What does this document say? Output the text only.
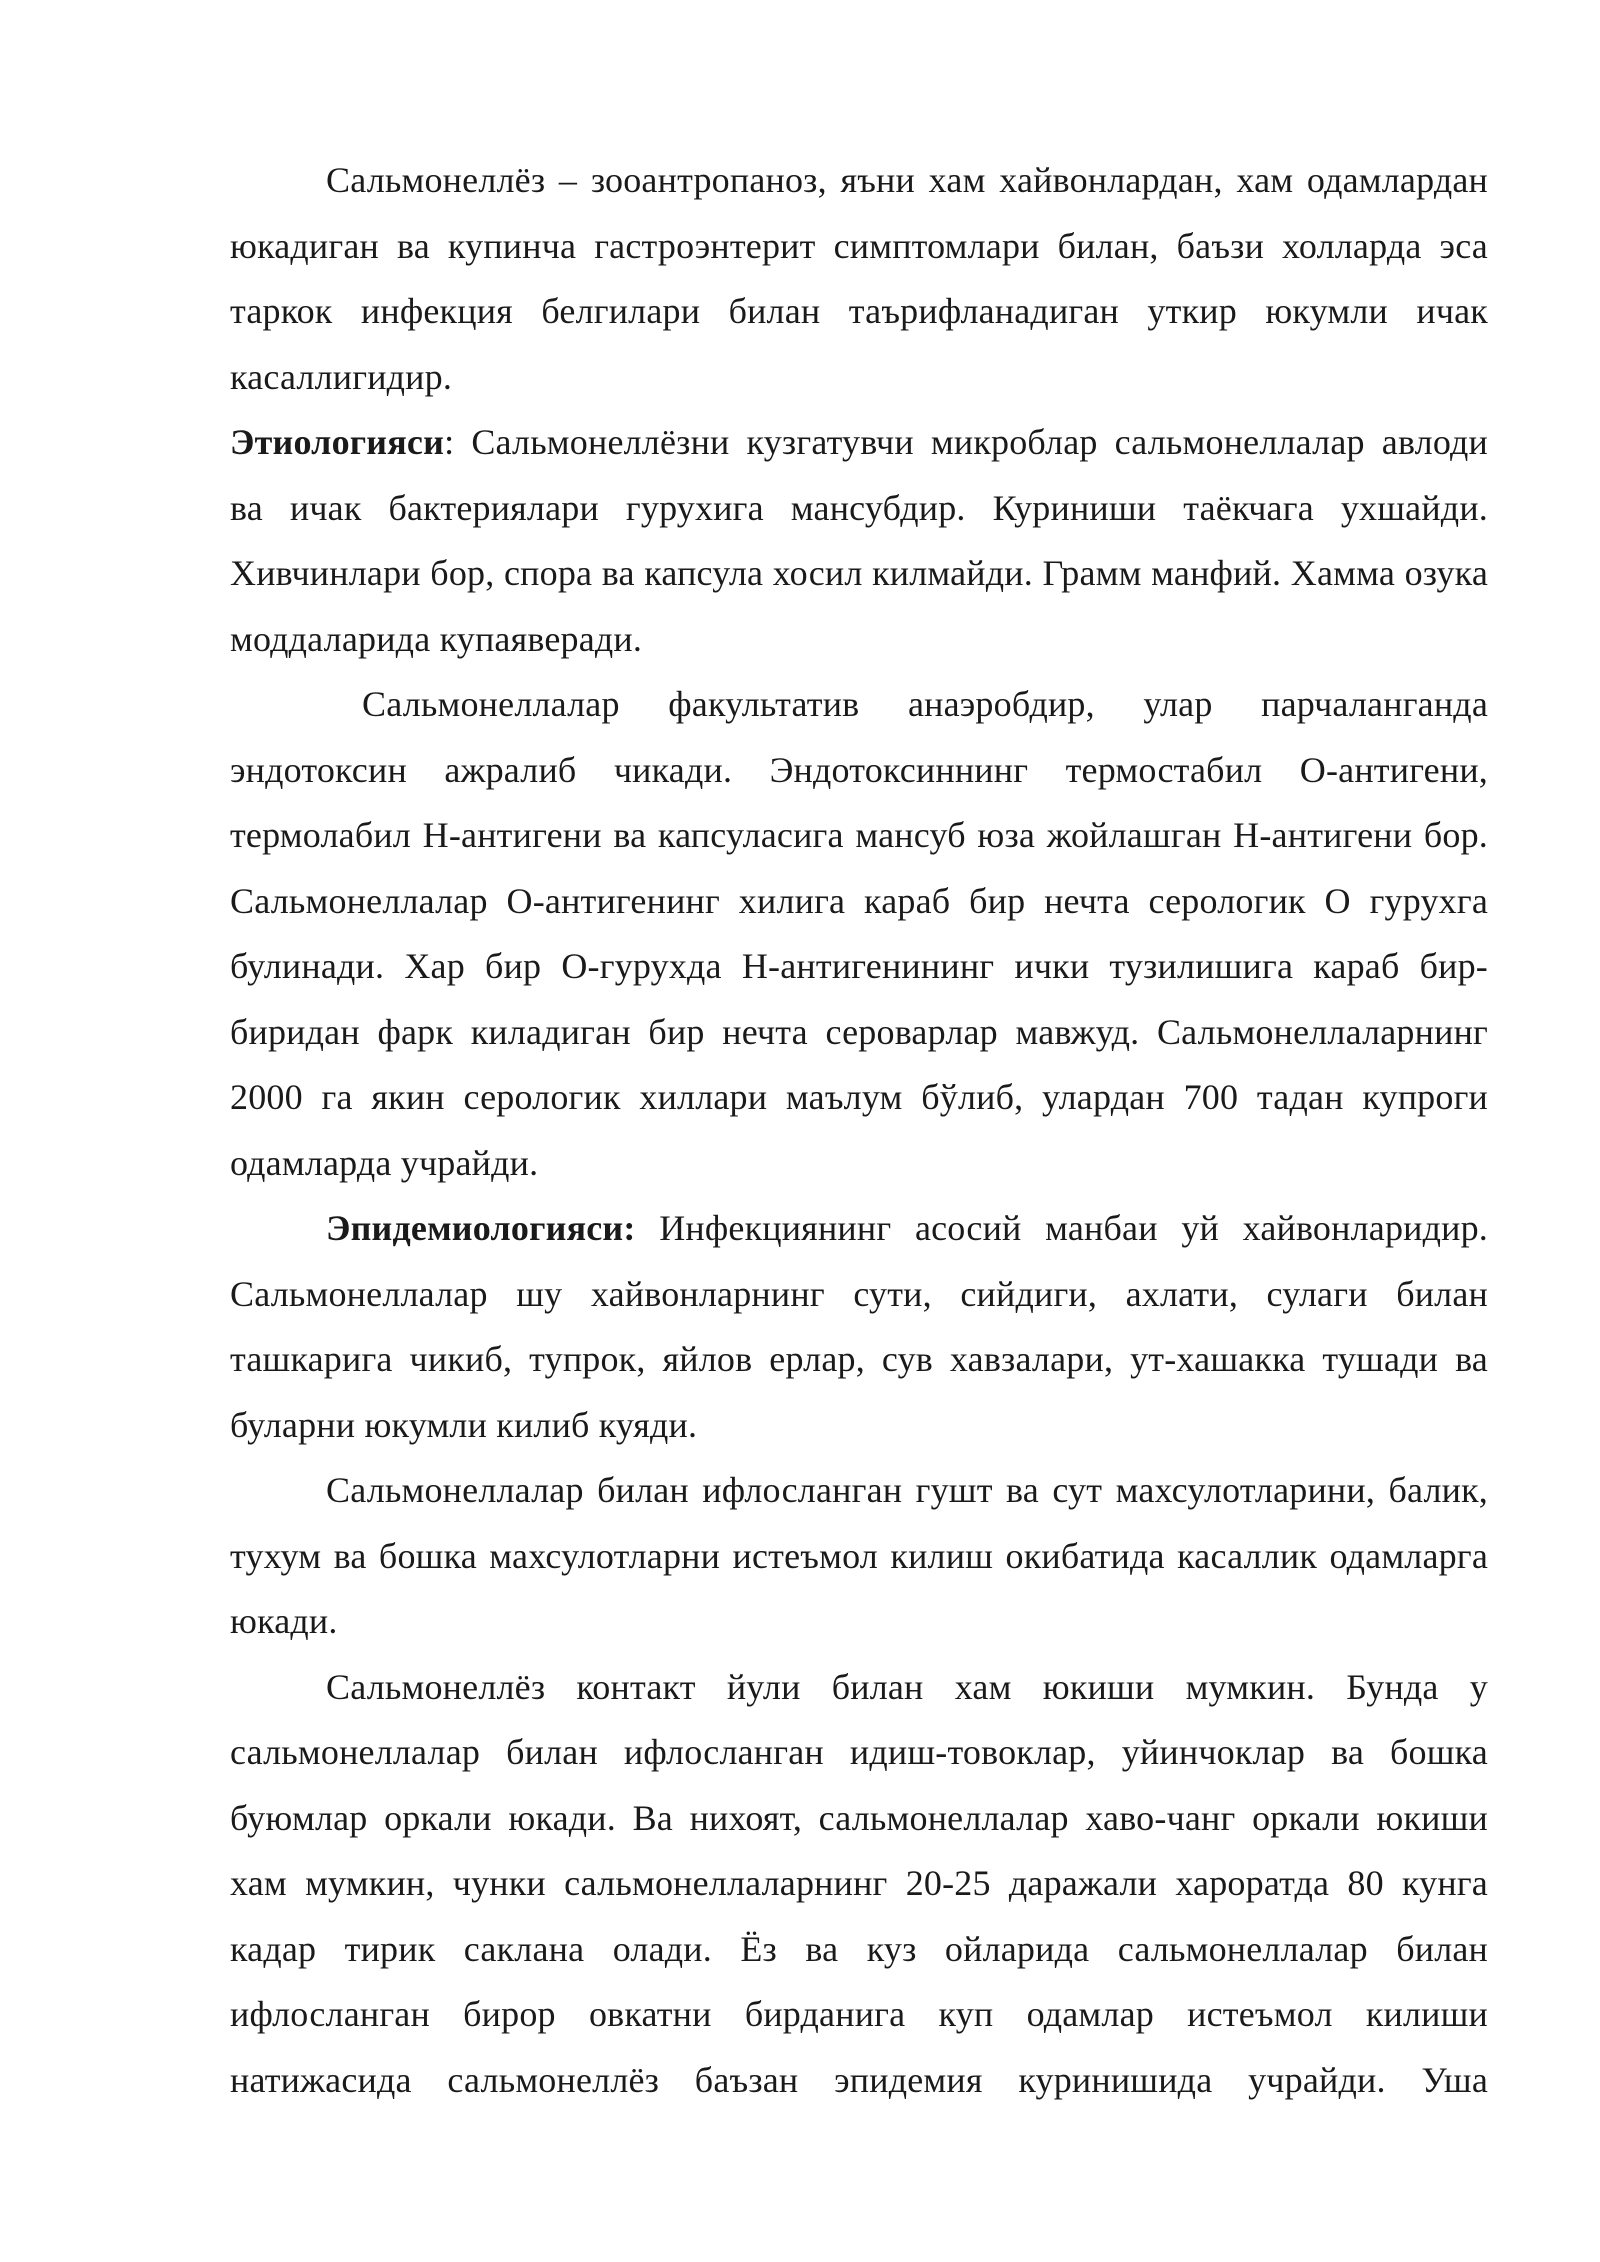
Сальмонеллёз – зооантропаноз, яъни хам хайвонлардан, хам одамлардан юкадиган ва купинча гастроэнтерит симптомлари билан, баъзи холларда эса таркок инфекция белгилари билан таърифланадиган уткир юкумли ичак касаллигидир.

Этиологияси: Сальмонеллёзни кузгатувчи микроблар сальмонеллалар авлоди ва ичак бактериялари гурухига мансубдир. Куриниши таёкчага ухшайди. Хивчинлари бор, спора ва капсула хосил килмайди. Грамм манфий. Хамма озука моддаларида купаяверади.

Сальмонеллалар факультатив анаэробдир, улар парчаланганда эндотоксин ажралиб чикади. Эндотоксиннинг термостабил О-антигени, термолабил Н-антигени ва капсуласига мансуб юза жойлашган Н-антигени бор. Сальмонеллалар О-антигенинг хилига караб бир нечта серологик О гурухга булинади. Хар бир О-гурухда Н-антигенининг ички тузилишига караб бир-биридан фарк киладиган бир нечта сероварлар мавжуд. Сальмонеллаларнинг 2000 га якин серологик хиллари маълум бўлиб, улардан 700 тадан купроги одамларда учрайди.

Эпидемиологияси: Инфекциянинг асосий манбаи уй хайвонларидир. Сальмонеллалар шу хайвонларнинг сути, сийдиги, ахлати, сулаги билан ташкарига чикиб, тупрок, яйлов ерлар, сув хавзалари, ут-хашакка тушади ва буларни юкумли килиб куяди.

Сальмонеллалар билан ифлосланган гушт ва сут махсулотларини, балик, тухум ва бошка махсулотларни истеъмол килиш окибатида касаллик одамларга юкади.

Сальмонеллёз контакт йули билан хам юкиши мумкин. Бунда у сальмонеллалар билан ифлосланган идиш-товоклар, уйинчоклар ва бошка буюмлар оркали юкади. Ва нихоят, сальмонеллалар хаво-чанг оркали юкиши хам мумкин, чунки сальмонеллаларнинг 20-25 даражали хароратда 80 кунга кадар тирик саклана олади. Ёз ва куз ойларида сальмонеллалар билан ифлосланган бирор овкатни бирданига куп одамлар истеъмол килиши натижасида сальмонеллёз баъзан эпидемия куринишида учрайди. Уша
